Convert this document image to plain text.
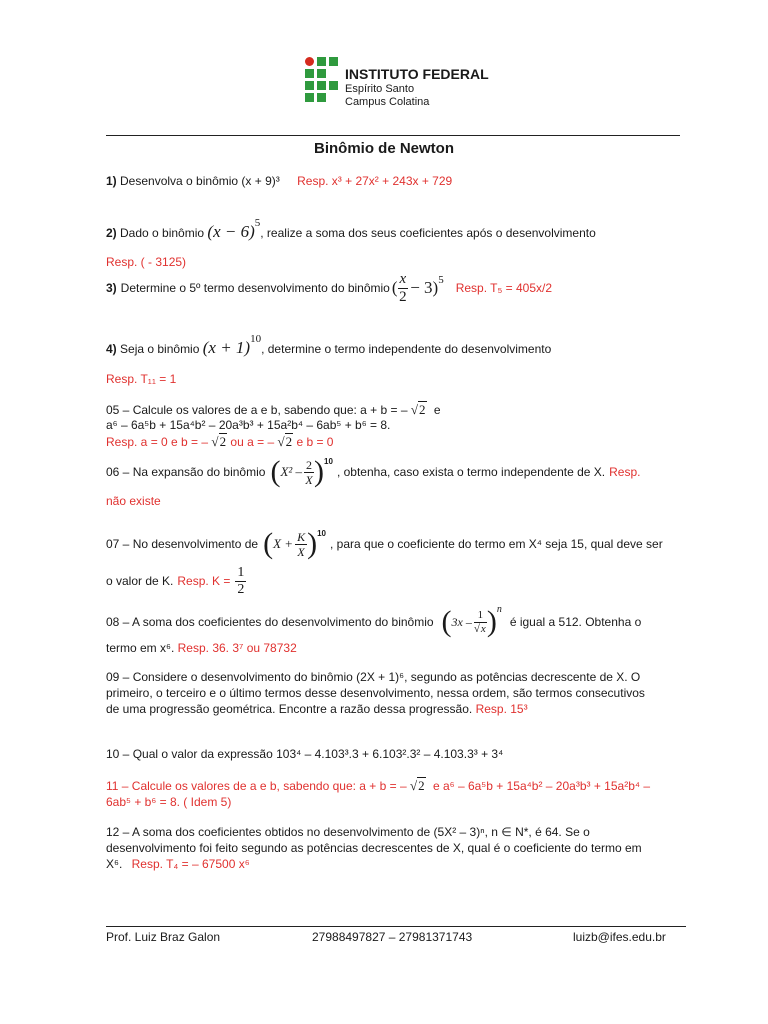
INSTITUTO FEDERAL
Espírito Santo
Campus Colatina
Binômio de Newton
1) Desenvolva o binômio (x + 9)³ Resp. x³ + 27x² + 243x + 729
2) Dado o binômio $(x - 6)^5$, realize a soma dos seus coeficientes após o desenvolvimento
Resp. ( - 3125)
3) Determine o 5º termo desenvolvimento do binômio ( $\frac{x}{2} - 3)^5$
Resp. T₅ = 405x/2
4) Seja o binômio $(x + 1)^{10}$, determine o termo independente do desenvolvimento
Resp. T₁₁ = 1
05 – Calcule os valores de a e b, sabendo que: a + b = – √2 e
a⁶ – 6a⁵b + 15a⁴b² – 20a³b³ + 15a²b⁴ – 6ab⁵ + b⁶ = 8.
Resp. a = 0 e b = – √2 ou a = – √2 e b = 0
06 – Na expansão do binômio ( $X^2 - \frac{2}{X} )^{10}$
, obtenha, caso exista o termo independente de X. Resp.
não existe
07 – No desenvolvimento de ( $X + \frac{K}{X} )^{10}$
, para que o coeficiente do termo em X⁴ seja 15, qual deve ser
o valor de K. Resp. $K = \frac{1}{2}$
08 – A soma dos coeficientes do desenvolvimento do binômio ( $3x - \frac{1}{√x} )^n$
é igual a 512. Obtenha o
termo em x⁶. Resp. 36. 3⁷ ou 78732
09 – Considere o desenvolvimento do binômio (2X + 1)⁶, segundo as potências decrescente de X. O
primeiro, o terceiro e o último termos desse desenvolvimento, nessa ordem, são termos consecutivos
de uma progressão geométrica. Encontre a razão dessa progressão. Resp. 15³
10 – Qual o valor da expressão 103⁴ – 4.103³.3 + 6.103².3² – 4.103.3³ + 3⁴
11 – Calcule os valores de a e b, sabendo que: a + b = – √2 e a⁶ – 6a⁵b + 15a⁴b² – 20a³b³ + 15a²b⁴ –
6ab⁵ + b⁶ = 8. ( Idem 5)
12 – A soma dos coeficientes obtidos no desenvolvimento de (5X² – 3)ⁿ, n ∈ N*, é 64. Se o
desenvolvimento foi feito segundo as potências decrescentes de X, qual é o coeficiente do termo em
X⁶. Resp. T₄ = – 67500 x⁶
Prof. Luiz Braz Galon	27988497827 – 27981371743	luizb@ifes.edu.br
